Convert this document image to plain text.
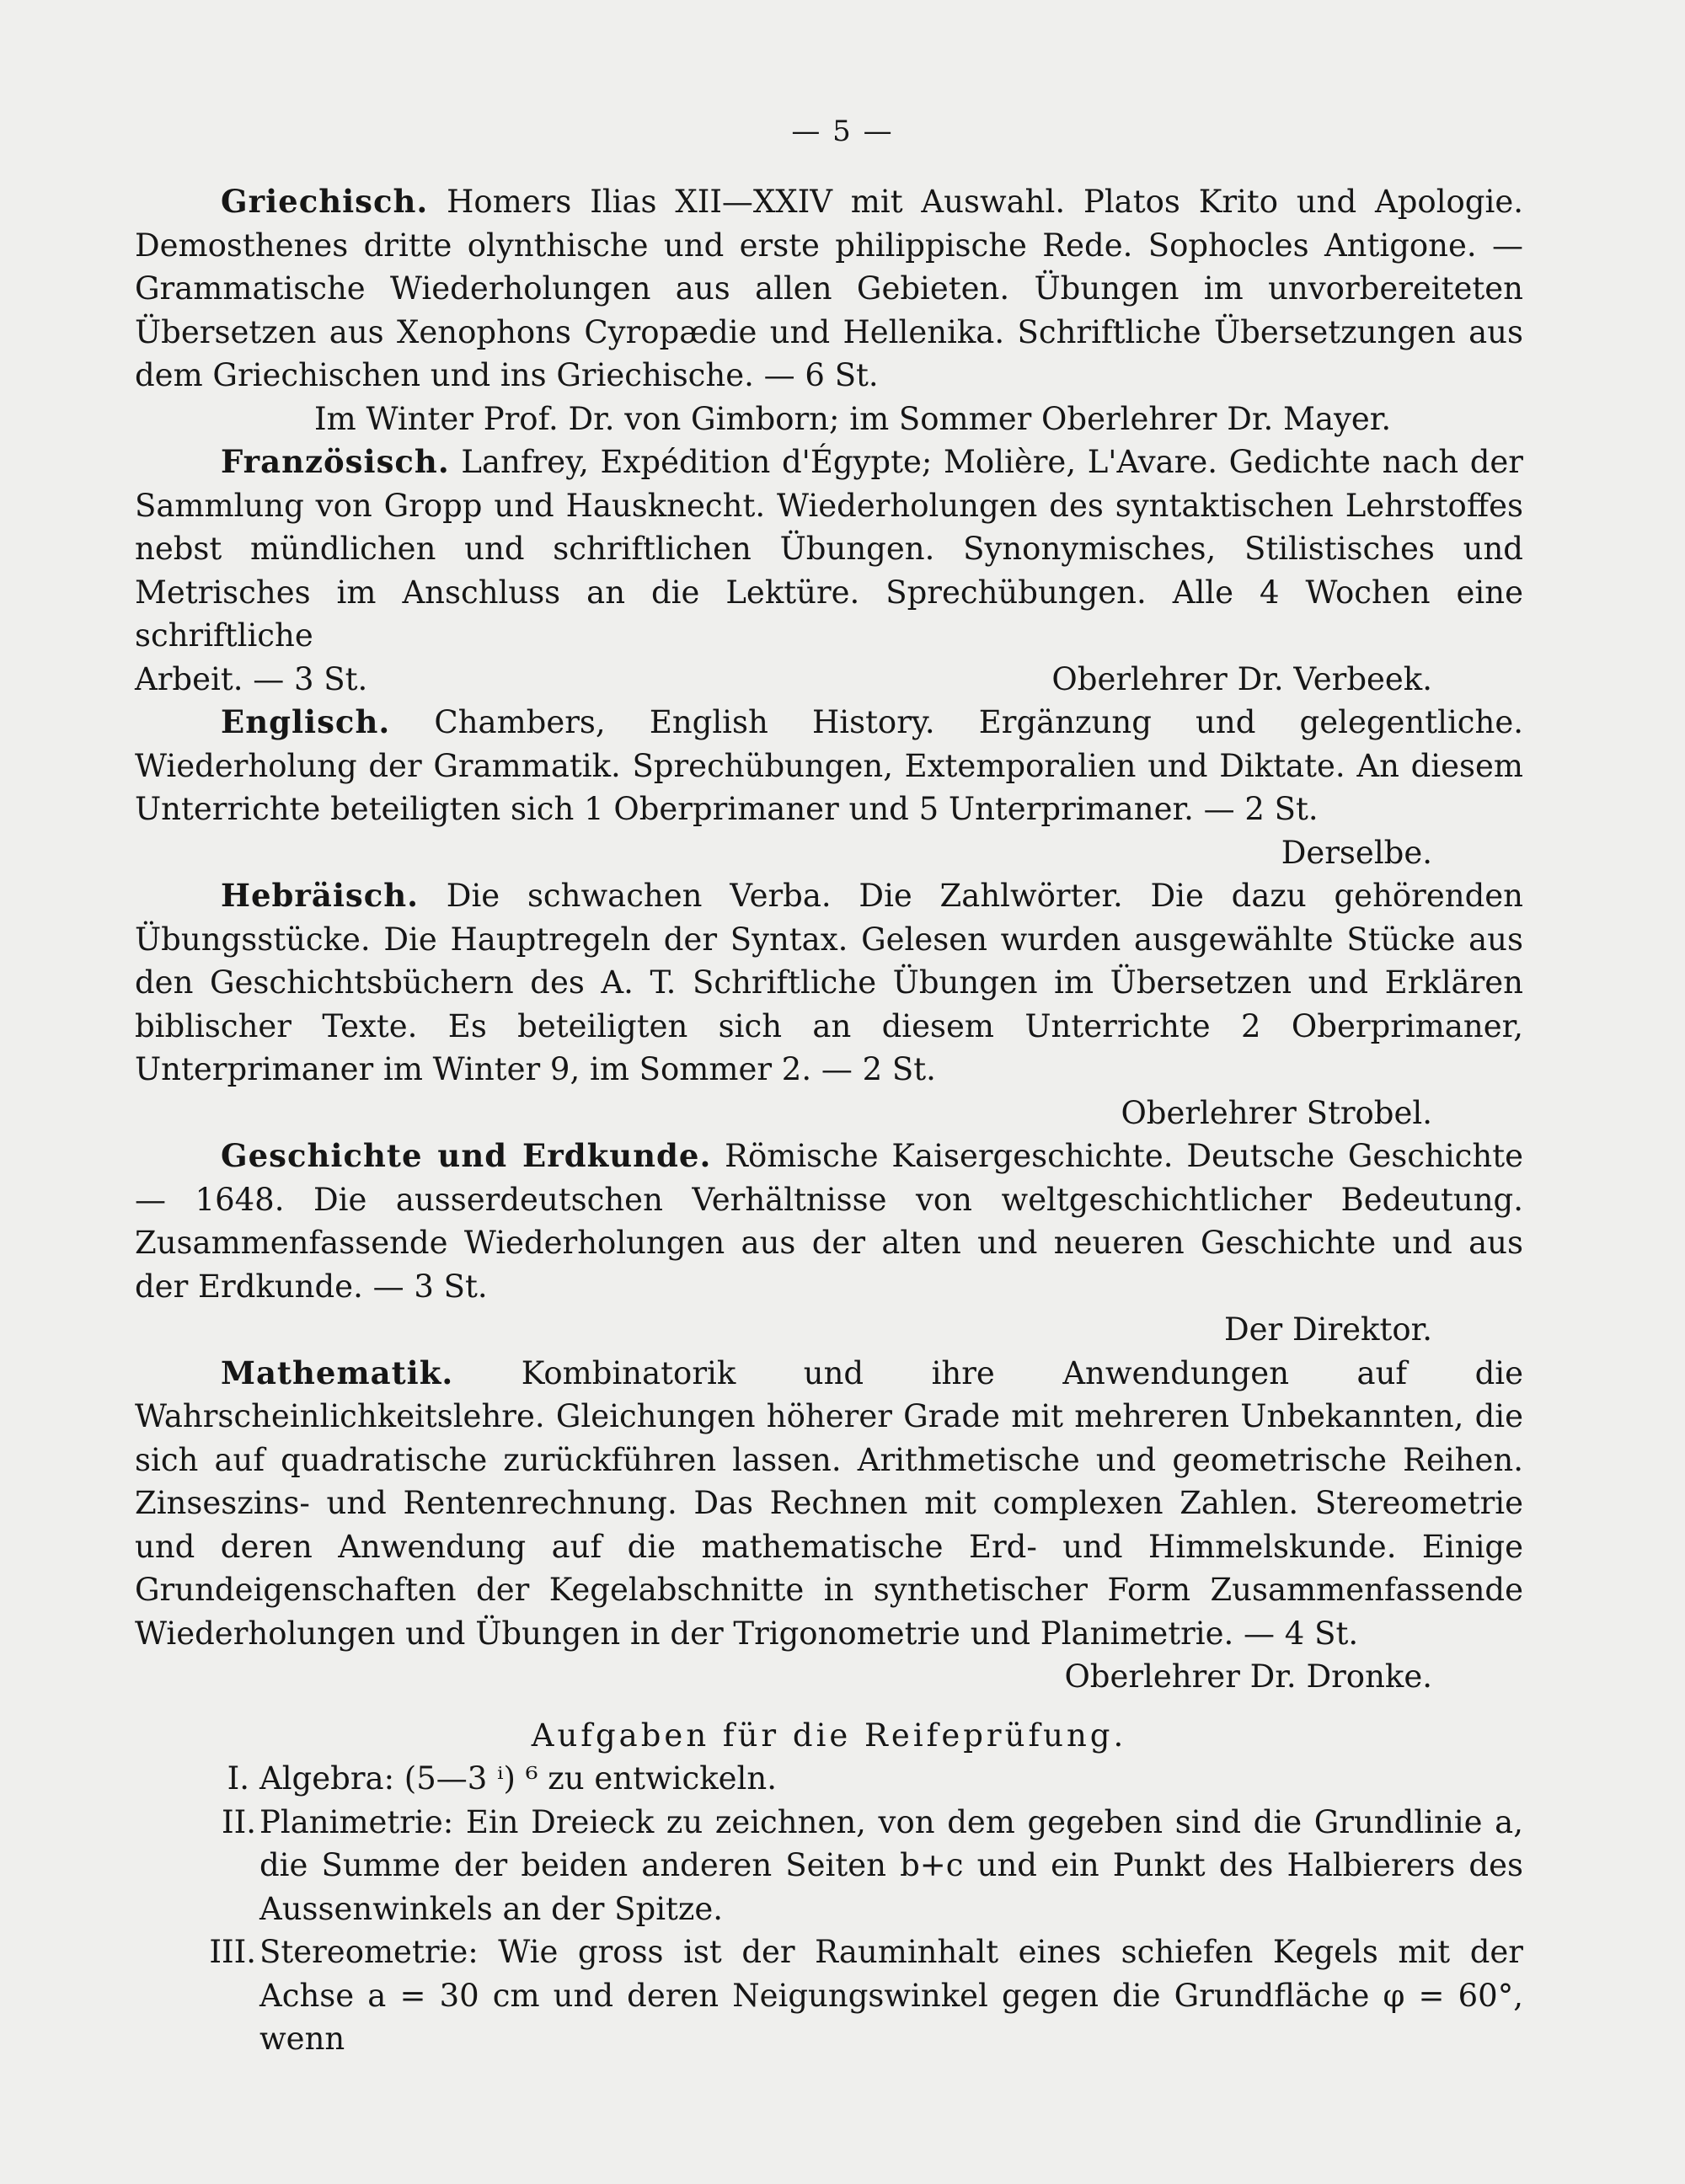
— 5 —

Griechisch. Homers Ilias XII—XXIV mit Auswahl. Platos Krito und Apologie. Demosthenes dritte olynthische und erste philippische Rede. Sophocles Antigone. — Grammatische Wiederholungen aus allen Gebieten. Übungen im unvorbereiteten Übersetzen aus Xenophons Cyropædie und Hellenika. Schriftliche Übersetzungen aus dem Griechischen und ins Griechische. — 6 St.

Im Winter Prof. Dr. von Gimborn; im Sommer Oberlehrer Dr. Mayer.

Französisch. Lanfrey, Expédition d'Égypte; Molière, L'Avare. Gedichte nach der Sammlung von Gropp und Hausknecht. Wiederholungen des syntaktischen Lehrstoffes nebst mündlichen und schriftlichen Übungen. Synonymisches, Stilistisches und Metrisches im Anschluss an die Lektüre. Sprechübungen. Alle 4 Wochen eine schriftliche

Arbeit. — 3 St.	Oberlehrer Dr. Verbeek.

Englisch. Chambers, English History. Ergänzung und gelegentliche. Wiederholung der Grammatik. Sprechübungen, Extemporalien und Diktate. An diesem Unterrichte beteiligten sich 1 Oberprimaner und 5 Unterprimaner. — 2 St.

Derselbe.

Hebräisch. Die schwachen Verba. Die Zahlwörter. Die dazu gehörenden Übungsstücke. Die Hauptregeln der Syntax. Gelesen wurden ausgewählte Stücke aus den Geschichtsbüchern des A. T. Schriftliche Übungen im Übersetzen und Erklären biblischer Texte. Es beteiligten sich an diesem Unterrichte 2 Oberprimaner, Unterprimaner im Winter 9, im Sommer 2. — 2 St.

Oberlehrer Strobel.

Geschichte und Erdkunde. Römische Kaisergeschichte. Deutsche Geschichte — 1648. Die ausserdeutschen Verhältnisse von weltgeschichtlicher Bedeutung. Zusammenfassende Wiederholungen aus der alten und neueren Geschichte und aus der Erdkunde. — 3 St.

Der Direktor.

Mathematik. Kombinatorik und ihre Anwendungen auf die Wahrscheinlichkeitslehre. Gleichungen höherer Grade mit mehreren Unbekannten, die sich auf quadratische zurückführen lassen. Arithmetische und geometrische Reihen. Zinseszins- und Rentenrechnung. Das Rechnen mit complexen Zahlen. Stereometrie und deren Anwendung auf die mathematische Erd- und Himmelskunde. Einige Grundeigenschaften der Kegelabschnitte in synthetischer Form Zusammenfassende Wiederholungen und Übungen in der Trigonometrie und Planimetrie. — 4 St.

Oberlehrer Dr. Dronke.

Aufgaben für die Reifeprüfung.

I. Algebra: (5—3 ⁱ) ⁶ zu entwickeln.
II. Planimetrie: Ein Dreieck zu zeichnen, von dem gegeben sind die Grundlinie a, die Summe der beiden anderen Seiten b+c und ein Punkt des Halbierers des Aussenwinkels an der Spitze.
III. Stereometrie: Wie gross ist der Rauminhalt eines schiefen Kegels mit der Achse a = 30 cm und deren Neigungswinkel gegen die Grundfläche φ = 60°, wenn
